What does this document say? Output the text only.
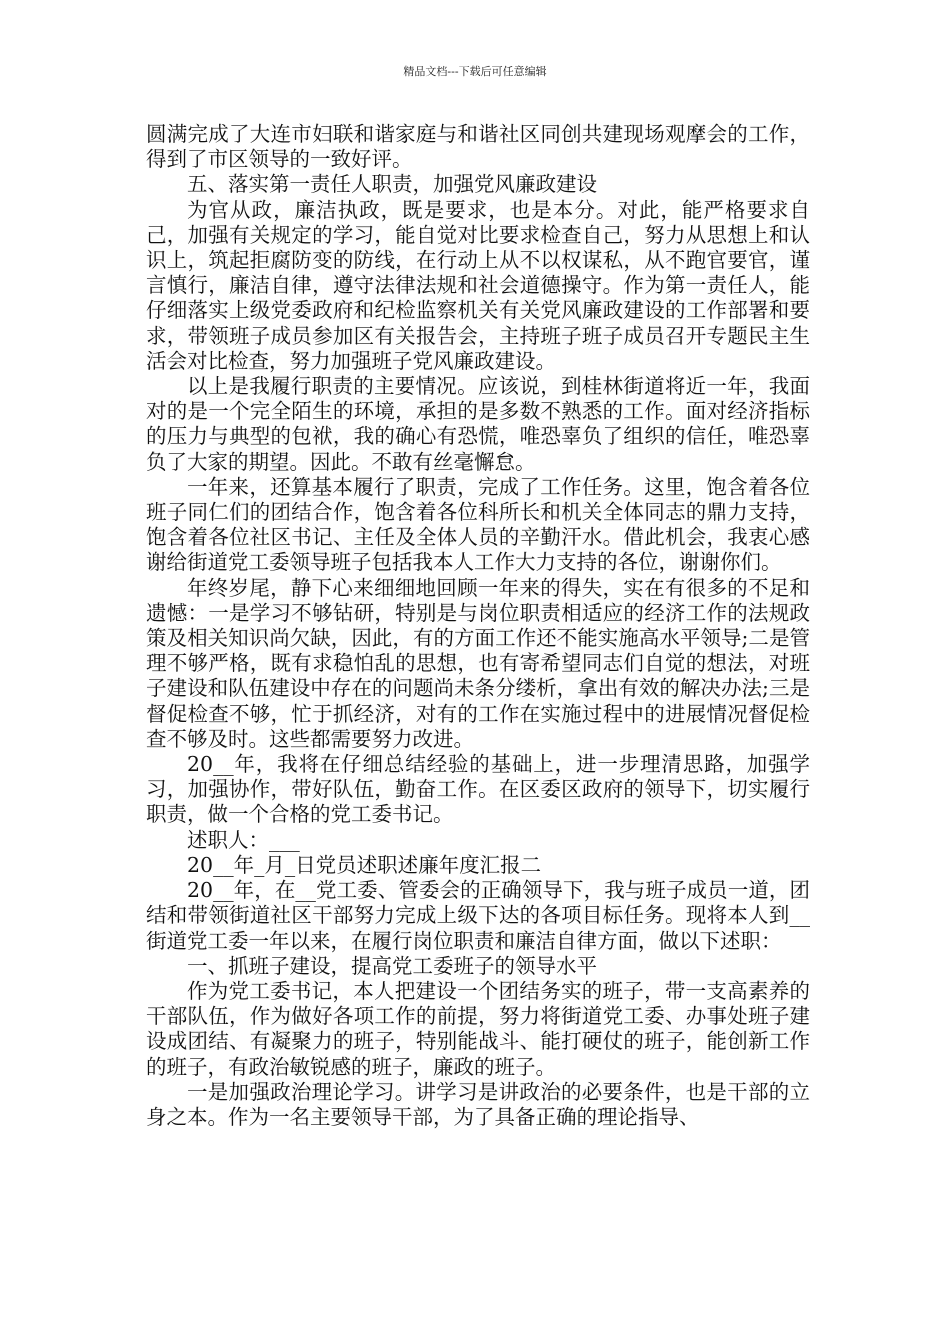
精品文档---下载后可任意编辑

圆满完成了大连市妇联和谐家庭与和谐社区同创共建现场观摩会的工作，得到了市区领导的一致好评。

五、落实第一责任人职责，加强党风廉政建设

为官从政，廉洁执政，既是要求，也是本分。对此，能严格要求自己，加强有关规定的学习，能自觉对比要求检查自己，努力从思想上和认识上，筑起拒腐防变的防线，在行动上从不以权谋私，从不跑官要官，谨言慎行，廉洁自律，遵守法律法规和社会道德操守。作为第一责任人，能仔细落实上级党委政府和纪检监察机关有关党风廉政建设的工作部署和要求，带领班子成员参加区有关报告会，主持班子班子成员召开专题民主生活会对比检查，努力加强班子党风廉政建设。

以上是我履行职责的主要情况。应该说，到桂林街道将近一年，我面对的是一个完全陌生的环境，承担的是多数不熟悉的工作。面对经济指标的压力与典型的包袱，我的确心有恐慌，唯恐辜负了组织的信任，唯恐辜负了大家的期望。因此。不敢有丝毫懈怠。

一年来，还算基本履行了职责，完成了工作任务。这里，饱含着各位班子同仁们的团结合作，饱含着各位科所长和机关全体同志的鼎力支持，饱含着各位社区书记、主任及全体人员的辛勤汗水。借此机会，我衷心感谢给街道党工委领导班子包括我本人工作大力支持的各位，谢谢你们。

年终岁尾，静下心来细细地回顾一年来的得失，实在有很多的不足和遗憾：一是学习不够钻研，特别是与岗位职责相适应的经济工作的法规政策及相关知识尚欠缺，因此，有的方面工作还不能实施高水平领导;二是管理不够严格，既有求稳怕乱的思想，也有寄希望同志们自觉的想法，对班子建设和队伍建设中存在的问题尚未条分缕析，拿出有效的解决办法;三是督促检查不够，忙于抓经济，对有的工作在实施过程中的进展情况督促检查不够及时。这些都需要努力改进。

20__年，我将在仔细总结经验的基础上，进一步理清思路，加强学习，加强协作，带好队伍，勤奋工作。在区委区政府的领导下，切实履行职责，做一个合格的党工委书记。

述职人：___

20__年_月_日党员述职述廉年度汇报二

20__年，在__党工委、管委会的正确领导下，我与班子成员一道，团结和带领街道社区干部努力完成上级下达的各项目标任务。现将本人到__街道党工委一年以来，在履行岗位职责和廉洁自律方面，做以下述职：

一、抓班子建设，提高党工委班子的领导水平

作为党工委书记，本人把建设一个团结务实的班子，带一支高素养的干部队伍，作为做好各项工作的前提，努力将街道党工委、办事处班子建设成团结、有凝聚力的班子，特别能战斗、能打硬仗的班子，能创新工作的班子，有政治敏锐感的班子，廉政的班子。

一是加强政治理论学习。讲学习是讲政治的必要条件，也是干部的立身之本。作为一名主要领导干部，为了具备正确的理论指导、
